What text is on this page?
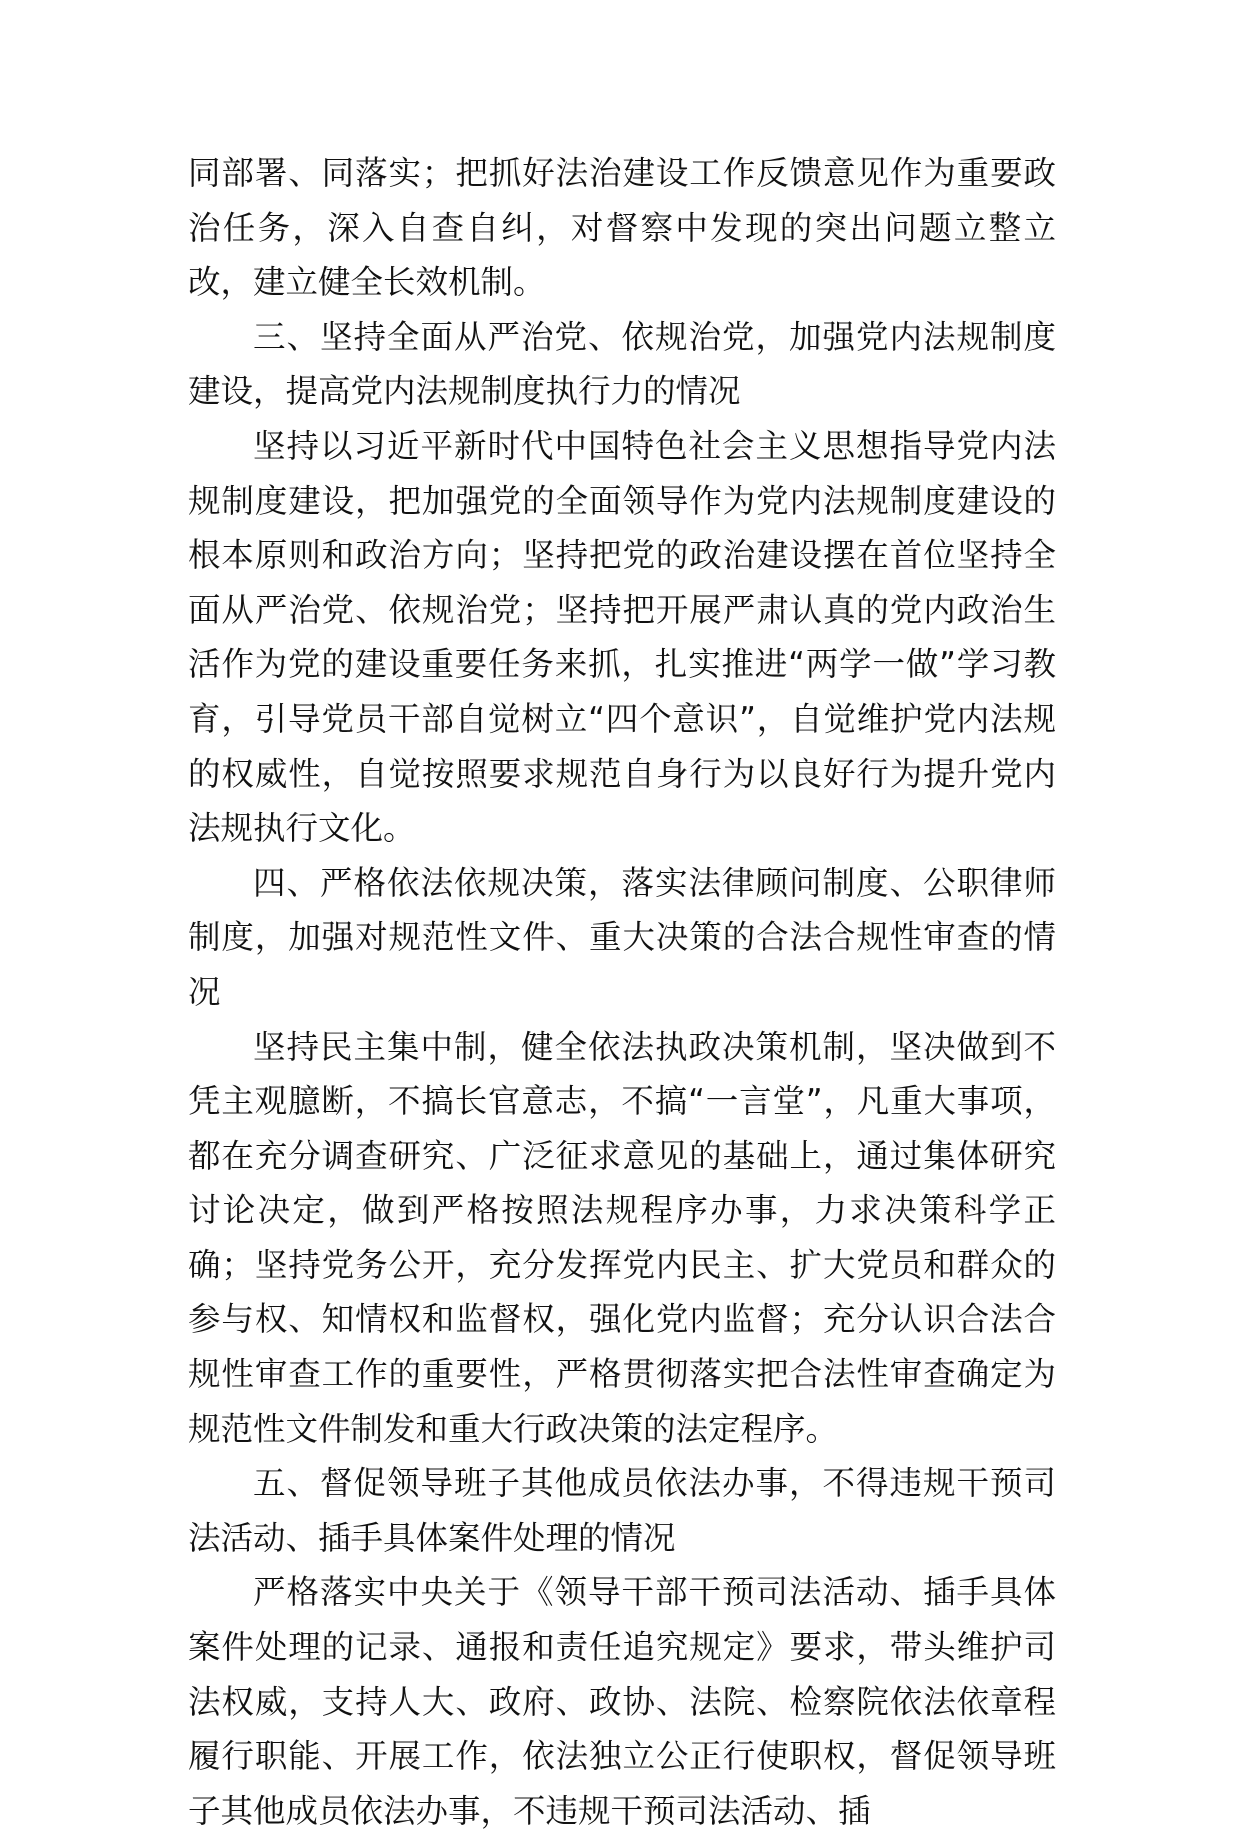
同部署、同落实；把抓好法治建设工作反馈意见作为重要政治任务，深入自查自纠，对督察中发现的突出问题立整立改，建立健全长效机制。

三、坚持全面从严治党、依规治党，加强党内法规制度建设，提高党内法规制度执行力的情况

坚持以习近平新时代中国特色社会主义思想指导党内法规制度建设，把加强党的全面领导作为党内法规制度建设的根本原则和政治方向；坚持把党的政治建设摆在首位坚持全面从严治党、依规治党；坚持把开展严肃认真的党内政治生活作为党的建设重要任务来抓，扎实推进“两学一做”学习教育，引导党员干部自觉树立“四个意识”，自觉维护党内法规的权威性，自觉按照要求规范自身行为以良好行为提升党内法规执行文化。

四、严格依法依规决策，落实法律顾问制度、公职律师制度，加强对规范性文件、重大决策的合法合规性审查的情况

坚持民主集中制，健全依法执政决策机制，坚决做到不凭主观臆断，不搞长官意志，不搞“一言堂”，凡重大事项，都在充分调查研究、广泛征求意见的基础上，通过集体研究讨论决定，做到严格按照法规程序办事，力求决策科学正确；坚持党务公开，充分发挥党内民主、扩大党员和群众的参与权、知情权和监督权，强化党内监督；充分认识合法合规性审查工作的重要性，严格贯彻落实把合法性审查确定为规范性文件制发和重大行政决策的法定程序。

五、督促领导班子其他成员依法办事，不得违规干预司法活动、插手具体案件处理的情况

严格落实中央关于《领导干部干预司法活动、插手具体案件处理的记录、通报和责任追究规定》要求，带头维护司法权威，支持人大、政府、政协、法院、检察院依法依章程履行职能、开展工作，依法独立公正行使职权，督促领导班子其他成员依法办事，不违规干预司法活动、插
